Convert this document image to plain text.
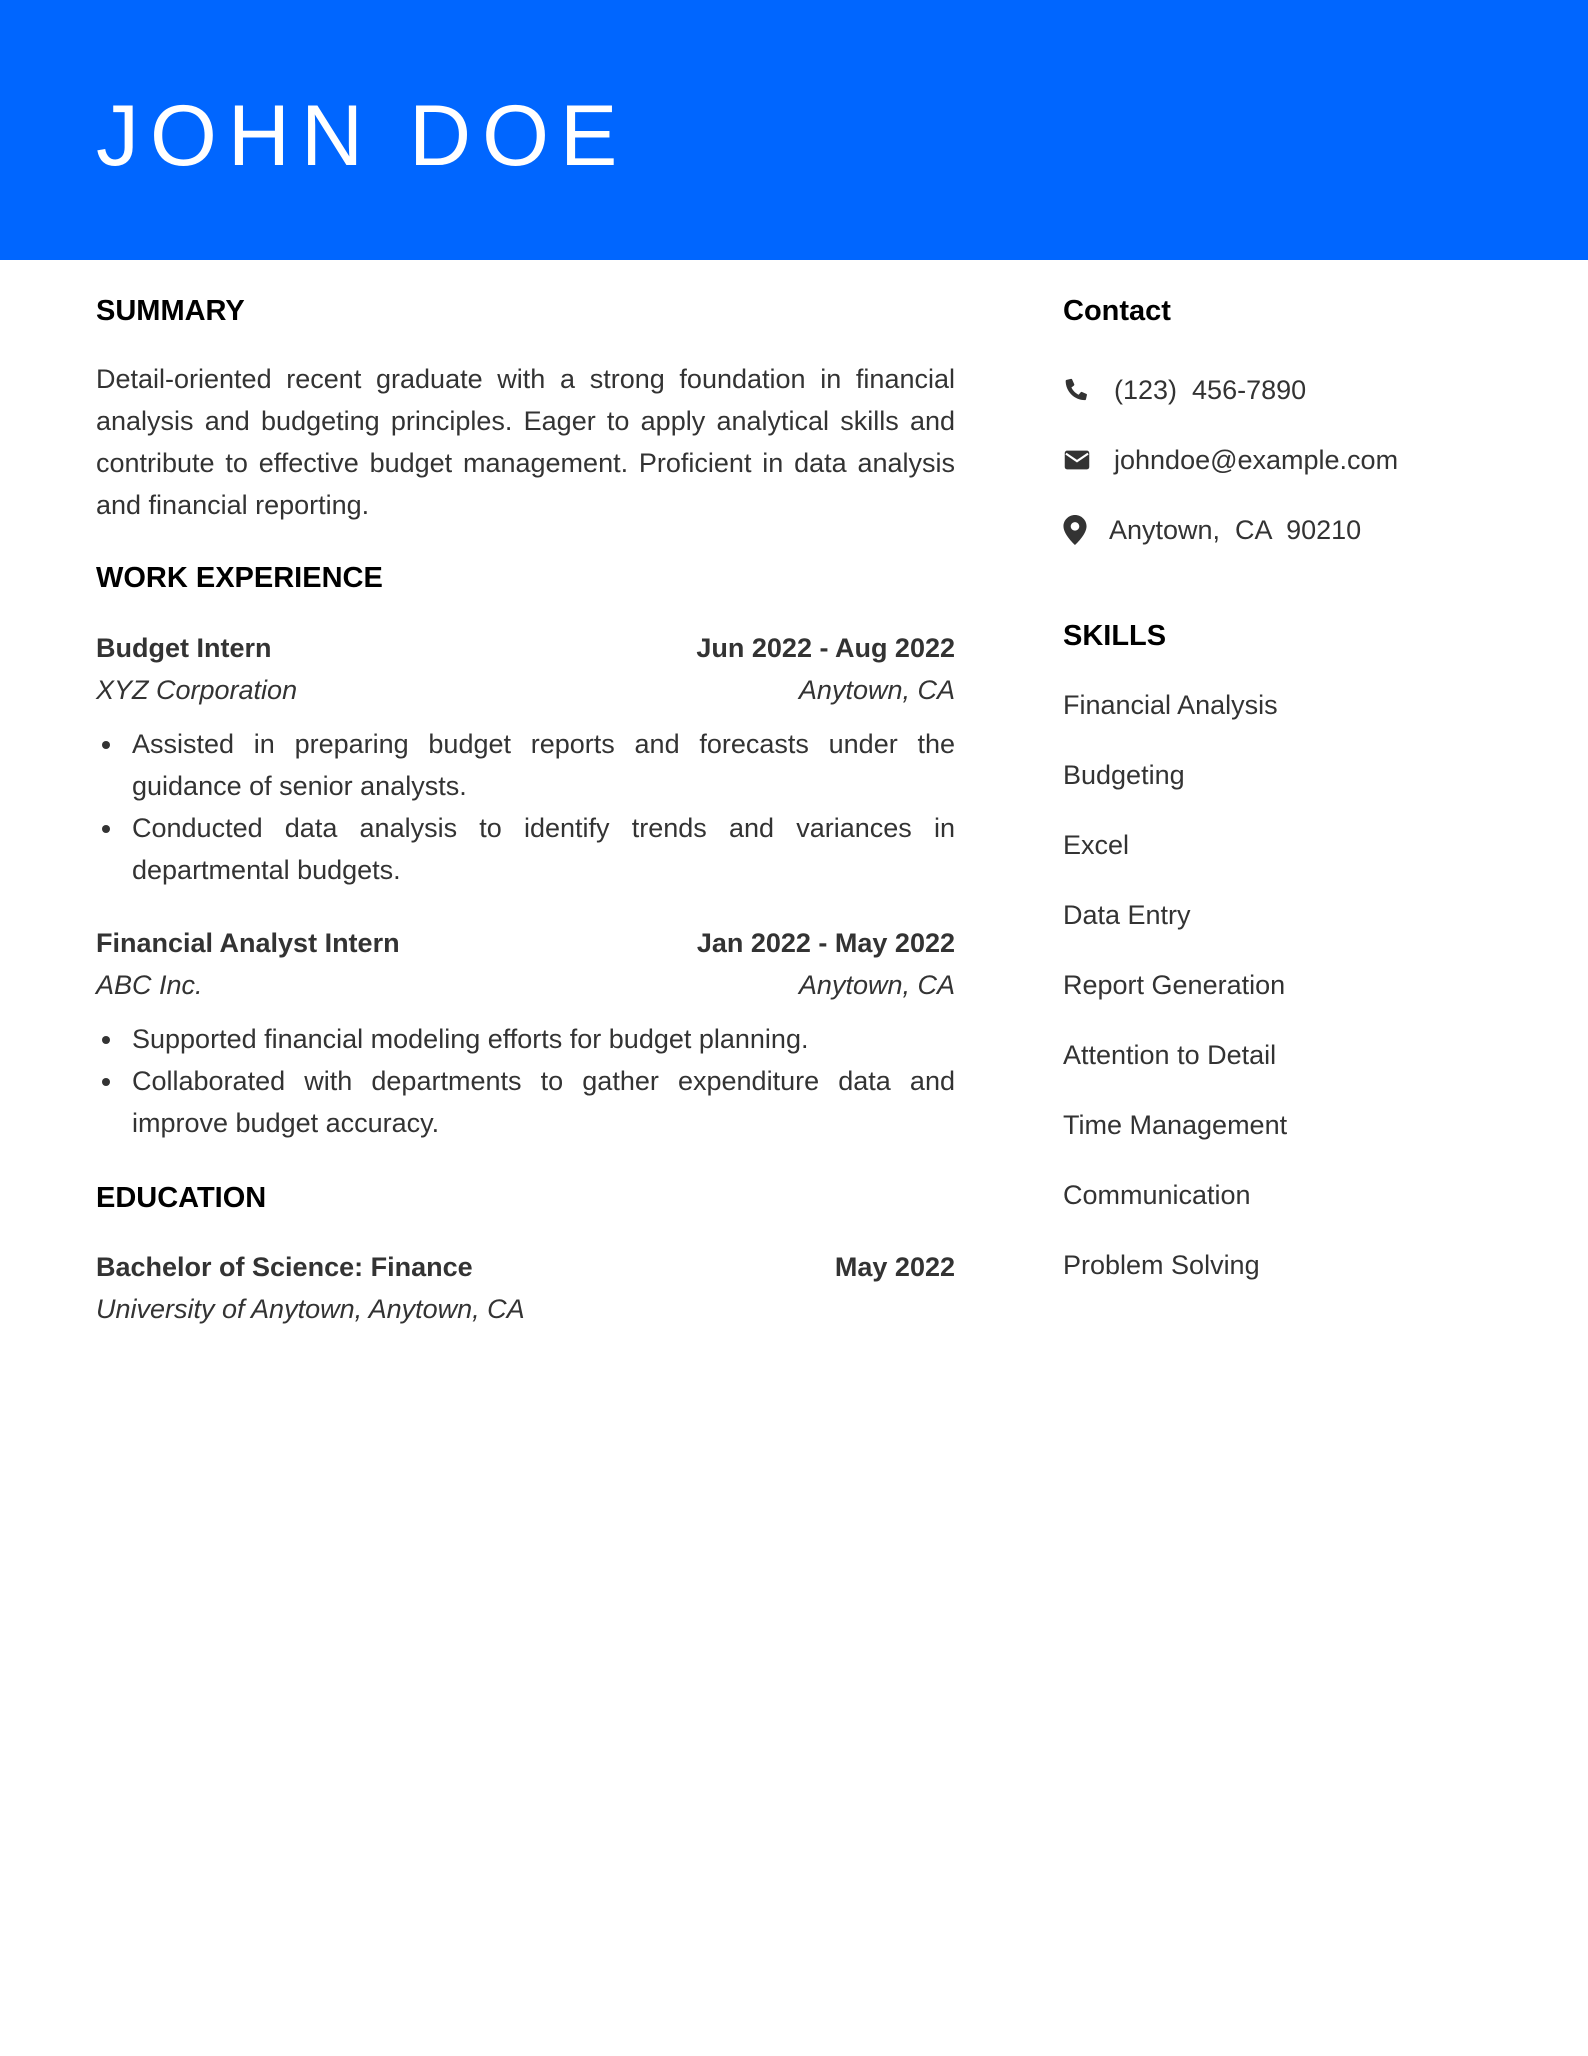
JOHN DOE
SUMMARY

Detail-oriented recent graduate with a strong foundation in financial analysis and budgeting principles. Eager to apply analytical skills and contribute to effective budget management. Proficient in data analysis and financial reporting.

WORK EXPERIENCE
Budget Intern	Jun 2022 - Aug 2022
XYZ Corporation	Anytown, CA
Assisted in preparing budget reports and forecasts under the guidance of senior analysts.
Conducted data analysis to identify trends and variances in departmental budgets.
Financial Analyst Intern	Jan 2022 - May 2022
ABC Inc.	Anytown, CA
Supported financial modeling efforts for budget planning.
Collaborated with departments to gather expenditure data and improve budget accuracy.
EDUCATION
Bachelor of Science: Finance	May 2022
University of Anytown, Anytown, CA
Contact
(123)  456-7890
johndoe@example.com
Anytown,  CA  90210
SKILLS
Financial Analysis
Budgeting
Excel
Data Entry
Report Generation
Attention to Detail
Time Management
Communication
Problem Solving
